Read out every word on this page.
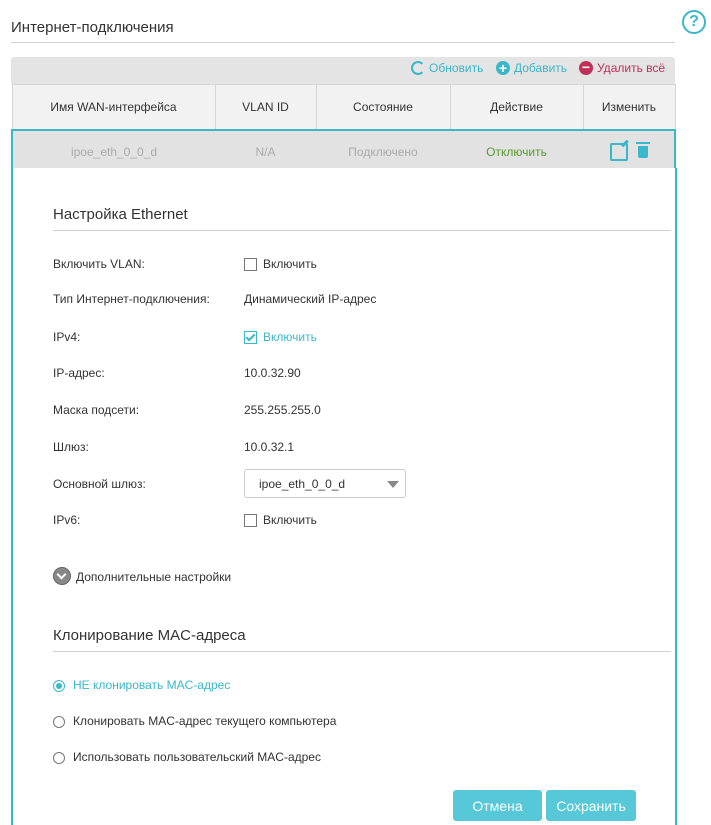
Интернет-подключения	?
Обновить + Добавить − Удалить всё
Имя WAN-интерфейса	VLAN ID	Состояние	Действие	Изменить
ipoe_eth_0_0_d	N/A	Подключено	Отключить	
Настройка Ethernet
Включить VLAN:	Включить
Тип Интернет-подключения:	Динамический IP-адрес
IPv4:	Включить
IP-адрес:	10.0.32.90
Маска подсети:	255.255.255.0
Шлюз:	10.0.32.1
Основной шлюз:	ipoe_eth_0_0_d
IPv6:	Включить
Дополнительные настройки
Клонирование MAC-адреса
НЕ клонировать MAC-адрес
Клонировать MAC-адрес текущего компьютера
Использовать пользовательский MAC-адрес
Отмена	Сохранить
